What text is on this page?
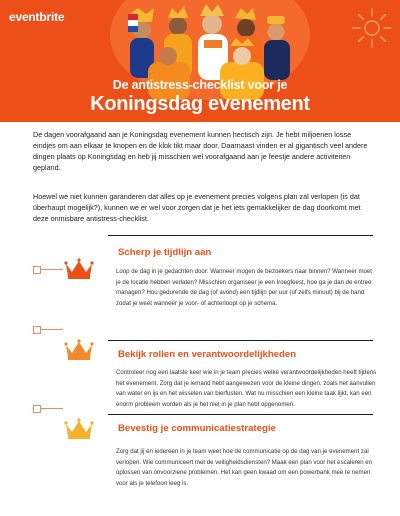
eventbrite
De antistress-checklist voor je
Koningsdag evenement

De dagen voorafgaand aan je Koningsdag evenement kunnen hectisch zijn. Je hebt miljoenen losse eindjes om aan elkaar te knopen en de klok tikt maar door. Daarnaast vinden er al gigantisch veel andere dingen plaats op Koningsdag en heb jij misschien wel voorafgaand aan je feestje andere activiteiten gepland.

Hoewel we niet kunnen garanderen dat alles op je evenement precies volgens plan zal verlopen (is dat überhaupt mogelijk?), kunnen we er wel voor zorgen dat je het iets gemakkelijker de dag doorkomt met deze onmisbare antistress-checklist.

Scherp je tijdlijn aan

Loop de dag in je gedachten door: Wanneer mogen de bezoekers naar binnen? Wanneer moet je de locatie hebben verlaten? Misschien organiseer je een Iroegfeest, hoe ga je dan de entree managen? Hou gedurende de dag (of avond) een tijdlijn per uur (of zelfs minuut) bij de hand zodat je weet wanneer je voor- of achterloopt op je schema.

Bekijk rollen en verantwoordelijkheden

Controleer nog een laatste keer wie in je team precies welke verantwoordelijkheden heeft tijdens het evenement. Zorg dat je iemand hebt aangewezen voor de kleine dingen, zoals het aanvullen van water en ijs en het wisselen van bierfusten. Wat nu misschien een kleine taak lijkt, kan een enorm probleem worden als je het niet in je plan hebt opgenomen.

Bevestig je communicatiestrategie

Zorg dat jij en iedereen in je team weet hoe de communicatie op de dag van je evenement zal verlopen. Wie communiceert met de veiligheidsdiensten? Maak een plan voor het escaleren en oplossen van onvoorziene problemen. Het kan geen kwaad om een powerbank mee te nemen voor als je telefoon leeg is.
